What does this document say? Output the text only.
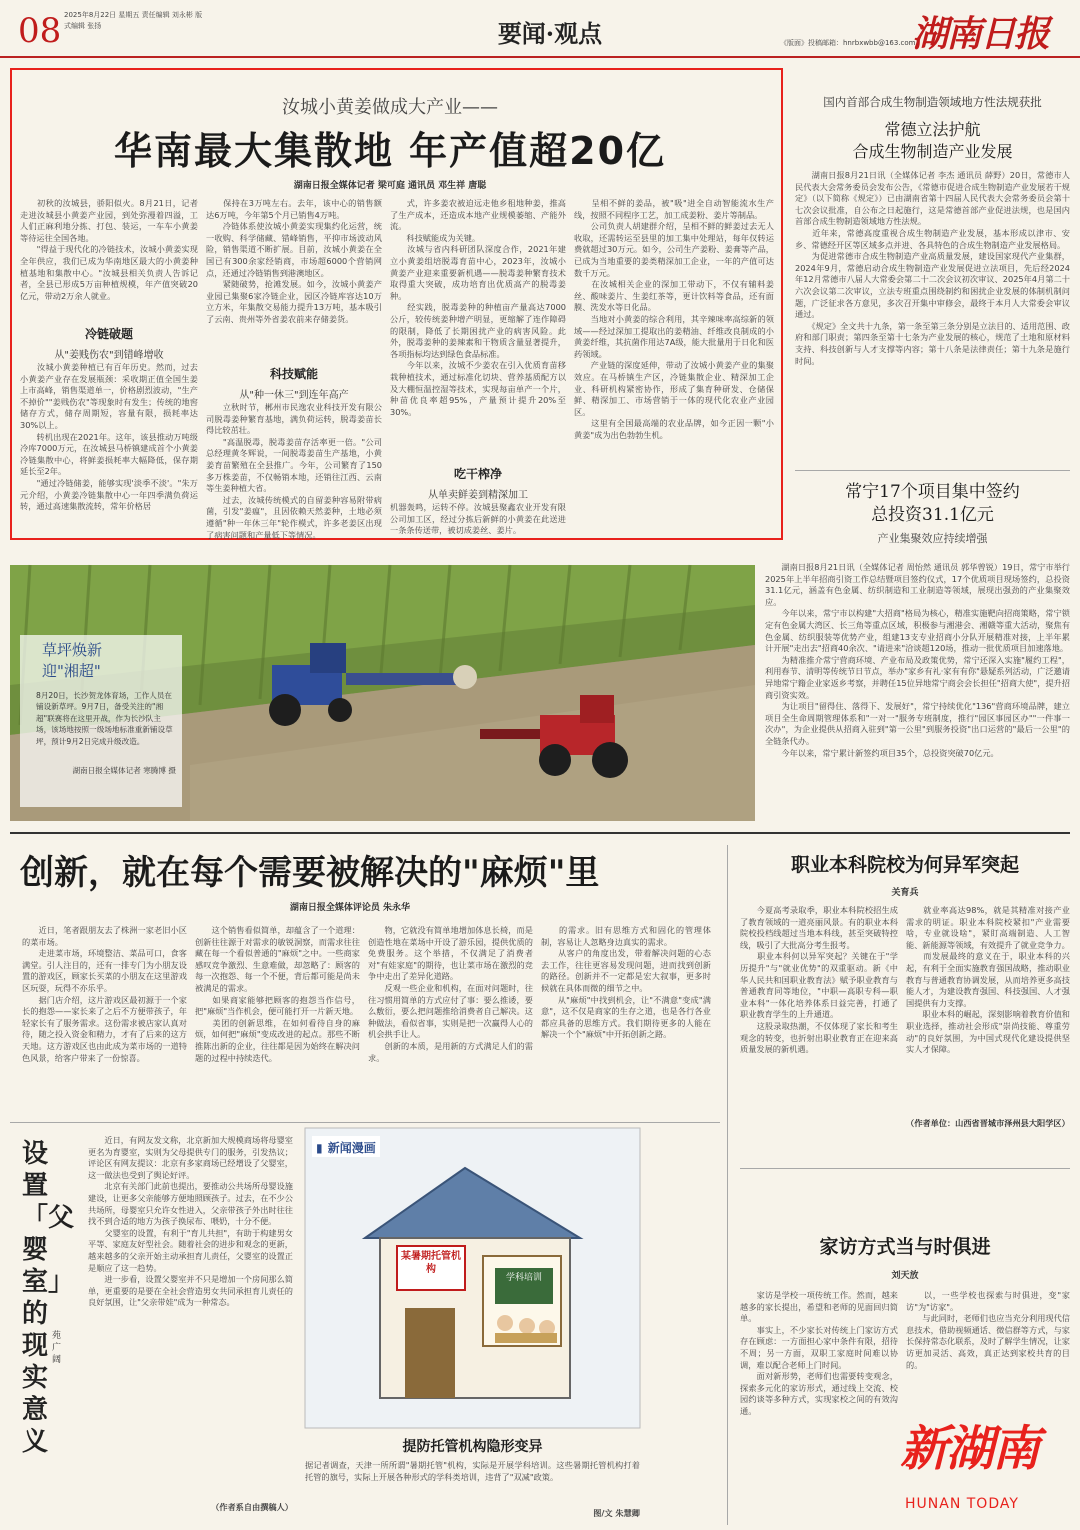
08 2025年8月22日 星期五 责任编辑 刘永彬 版式编辑 张扬	要闻·观点	《版面》投稿邮箱：hnrbxwbb@163.com
湖南日报
汝城小黄姜做成大产业——
华南最大集散地 年产值超20亿
湖南日报全媒体记者 梁可庭 通讯员 邓生祥 唐聪
　　初秋的汝城县，骄阳似火。8月21日，记者走进汝城县小黄姜产业园，到处弥漫着四溢，工人们正麻利地分拣、打包、装运，一车车小黄姜等待运往全国各地。
　　"得益于现代化的冷链技术，汝城小黄姜实现全年供应，我们已成为华南地区最大的小黄姜种植基地和集散中心。"汝城县相关负责人告诉记者，全县已形成5万亩种植规模，年产值突破20亿元，带动2万余人就业。
冷链破题
从"姜贱伤农"到错峰增收
　　汝城小黄姜种植已有百年历史。然而，过去小黄姜产业存在发展瓶颈：采收期正值全国生姜上市高峰，销售渠道单一，价格剧烈波动，"生产不掉价""姜贱伤农"等现象时有发生；传统的地窖储存方式，储存周期短，容量有限，损耗率达30%以上。
　　转机出现在2021年。这年，该县推动万吨级冷库7000万元，在汝城县马桥镇建成首个小黄姜冷链集散中心，将鲜姜损耗率大幅降低，保存期延长至2年。
　　"通过冷链储姜，能够实现'淡季不淡'。"朱万元介绍，小黄姜冷链集散中心一年四季满负荷运转，通过高速集散流转，常年价格居
　　保持在3万吨左右。去年，该中心的销售额达6万吨，今年第5个月已销售4万吨。
　　冷链体系使汝城小黄姜实现集约化运营，统一收购、科学储藏、错峰销售，平抑市场波动风险，销售渠道不断扩展。目前，汝城小黄姜在全国已有300余家经销商，市场超6000个营销网点，还通过冷链销售到港澳地区。
　　紧随破势，抢滩发展。如今，汝城小黄姜产业园已集聚6家冷链企业，园区冷链库容达10万立方米，年集散交易能力提升13万吨，基本吸引了云南、贵州等外省姜农前来存储姜货。
科技赋能
从"种一休三"到连年高产
　　立秋时节，郴州市民逸农业科技开发有限公司脱毒姜种繁育基地，满负荷运转，脱毒姜苗长得比较茁壮。
　　"高温脱毒，脱毒姜苗存活率更一倍。"公司总经理黄冬辉说，一间脱毒姜苗生产基地，小黄姜育苗繁殖在全县推广。今年，公司繁育了150多万株姜苗，不仅畅销本地，还销往江西、云南等生姜种植大省。
　　过去，汝城传统模式的自留姜种容易附带病菌，引发"姜瘟"，且因依赖天然姜种，土地必须遵循"种一年休三年"轮作模式，许多老姜区出现了病害问题和产量低下等情况。
　　式，许多姜农被迫远走他乡租地种姜，推高了生产成本，还造成本地产业规模萎缩、产能外流。
　　科技赋能成为关键。
　　汝城与省内科研团队深度合作，2021年建立小黄姜组培脱毒育苗中心，2023年，汝城小黄姜产业迎来重要新机遇——脱毒姜种繁育技术取得重大突破，成功培育出优质高产的脱毒姜种。
　　经实践，脱毒姜种的种植亩产量高达7000公斤，较传统姜种增产明显，更缩解了连作障碍的限制，降低了长期困扰产业的病害风险。此外，脱毒姜种的姜辣素和干物质含量显著提升，各项指标均达到绿色食品标准。
　　今年以来，汝城不少姜农在引入优质育苗移栽种植技术，通过标准化切块、营养基质配方以及大棚恒温控湿等技术，实现每亩单产一个片，种苗优良率超95%，产量预计提升20%至30%。
吃干榨净
从单卖鲜姜到精深加工
机器轰鸣，运转不停。汝城县聚鑫农业开发有限公司加工区，经过分拣后新鲜的小黄姜在此送进一条条传送带，被切成姜丝、姜片。
　　呈相不鲜的姜品，被"吸"进全自动智能流水生产线，按照不同程序工艺，加工成姜粉、姜片等制品。
　　公司负责人胡建群介绍，呈相不鲜的鲜姜过去无人收取，还需转运至县里的加工集中处理站，每年仅转运费就超过30万元。如今，公司生产姜粉、姜膏等产品，已成为当地重要的姜类精深加工企业，一年的产值可达数千万元。
　　在汝城相关企业的深加工带动下，不仅有辅料姜丝、酸味姜片、生姜红茶等，更计饮料等食品，还有面膜、洗发水等日化品。
　　当地对小黄姜的综合利用，其辛辣味率高综新的领域——经过深加工提取出的姜精油、纤维改良制成的小黄姜纤维，其抗菌作用达7A级，能大批量用于日化和医药领域。
　　产业链的深度延伸，带动了汝城小黄姜产业的集聚效应。在马桥镇生产区，冷链集散企业、精深加工企业、科研机构紧密协作，形成了集育种研发、仓储保鲜、精深加工、市场营销于一体的现代化农业产业园区。
　　这里有全国最高端的农业品牌，如今正因一颗"小黄姜"成为出色勃勃生机。
国内首部合成生物制造领域地方性法规获批
常德立法护航
合成生物制造产业发展
　　湖南日报8月21日讯（全媒体记者 李杰 通讯员 薛野）20日，常德市人民代表大会常务委员会发布公告，《常德市促进合成生物制造产业发展若干规定》（以下简称《规定》）已由湖南省第十四届人民代表大会常务委员会第十七次会议批准，自公布之日起施行，这是常德首部产业促进法规，也是国内首部合成生物制造领域地方性法规。
　　近年来，常德高度重视合成生物制造产业发展，基本形成以津市、安乡、常德经开区等区域多点并进、各具特色的合成生物制造产业发展格局。
　　为促进常德市合成生物制造产业高质量发展，建设国家现代产业集群，2024年9月，常德启动合成生物制造产业发展促进立法项目，先后经2024年12月常德市八届人大常委会第二十二次会议初次审议、2025年4月第二十六次会议第二次审议，立法专班重点围绕制约和困扰企业发展的体制机制问题，广泛征求各方意见，多次召开集中审修会，最终于本月人大常委会审议通过。
　　《规定》全文共十九条，第一条至第三条分别是立法目的、适用范围、政府和部门职责；第四条至第十七条为产业发展的核心，规范了土地和原材料支持、科技创新与人才支撑等内容；第十八条是法律责任；第十九条是施行时间。
常宁17个项目集中签约
总投资31.1亿元
产业集聚效应持续增强
　　湖南日报8月21日讯（全媒体记者 周怡然 通讯员 郭华曾锐）19日，常宁市举行2025年上半年招商引资工作总结暨项目签约仪式，17个优质项目现场签约，总投资31.1亿元，涵盖有色金属、纺织制造和工业制造等领域，展现出强劲的产业集聚效应。
　　今年以来，常宁市以构建"大招商"格局为核心，精准实施靶向招商策略，常宁锁定有色金属大湾区、长三角等重点区域，积极参与湘港会、湘赣等重大活动，聚焦有色金属、纺织服装等优势产业，组建13支专业招商小分队开展精准对接，上半年累计开展"走出去"招商40余次、"请进来"洽谈超120场，推动一批优质项目加速落地。
　　为精准推介常宁营商环境、产业布局及政策优势，常宁还深入实施"履约工程"，利用春节、清明等传统节日节点，举办"家乡有礼·家有有你"悬疑系列活动，广泛邀请异地常宁籍企业家返乡考察，并聘任15位异地常宁商会会长担任"招商大使"，提升招商引资实效。
　　为让项目"留得住、落得下、发展好"，常宁持续优化"136"营商环境品牌，建立项目全生命周期管理体系和"一对一"服务专班制度，推行"园区事园区办""一件事一次办"，为企业提供从招商入驻到"第一公里"到服务投资"出口运营的"最后一公里"的全链条代办。
　　今年以来，常宁累计新签约项目35个，总投资突破70亿元。
草坪焕新
迎"湘超"
8月20日，长沙贺龙体育场，工作人员在铺设新草坪。9月7日，备受关注的"湘超"联赛将在这里开战，作为长沙队主场，该场地按照一级场地标准重新铺设草坪，预计9月2日完成升级改造。
湖南日报全媒体记者 寒腾博 摄
创新，就在每个需要被解决的"麻烦"里
湖南日报全媒体评论员 朱永华
　　近日，笔者跟朋友去了株洲一家老旧小区的菜市场。
　　走进菜市场，环境整洁、菜品可口，食客满堂。引人注目的，还有一排专门为小朋友设置的游戏区，顾家长买菜的小朋友在这里游戏区玩耍，玩得不亦乐乎。
　　据门店介绍，这片游戏区最初源于一个家长的抱怨——家长来了之后不方便带孩子，年轻家长有了服务需求。这份需求被店家认真对待，随之投入资金和精力，才有了后来的这方天地。这方游戏区也由此成为菜市场的一道特色风景，给客户带来了一份惊喜。
　　这个销售看似简单，却蕴含了一个道理：创新往往源于对需求的敏锐洞察，而需求往往藏在每一个看似普通的"麻烦"之中。一些商家感叹竞争激烈、生意难做，却忽略了：顾客的每一次抱怨、每一个不便，背后都可能是尚未被满足的需求。
　　如果商家能够把顾客的抱怨当作信号，把"麻烦"当作机会，便可能打开一片新天地。
　　美团的创新思维，在如何看待自身的麻烦，如何把"麻烦"变成改进的起点。那些不断推陈出新的企业，往往都是因为始终在解决问题的过程中持续迭代。
　　物，它就没有简单地增加体息长椅，而是创造性地在菜场中开设了游乐园，提供优质的免费服务。这个举措，不仅满足了消费者对"有娃家庭"的期待，也让菜市场在激烈的竞争中走出了差异化道路。
　　反观一些企业和机构，在面对问题时，往往习惯用简单的方式应付了事：要么推诿，要么敷衍，要么把问题推给消费者自己解决。这种做法，看似省事，实则是把一次赢得人心的机会拱手让人。
　　创新的本质，是用新的方式满足人们的需求。
　　的需求。旧有思维方式和固化的管理体制，容易让人忽略身边真实的需求。
　　从客户的角度出发，带着解决问题的心态去工作，往往更容易发现问题，进而找到创新的路径。创新并不一定都是宏大叙事，更多时候就在具体而微的细节之中。
　　从"麻烦"中找到机会，让"不满意"变成"满意"，这不仅是商家的生存之道，也是各行各业都应具备的思维方式。我们期待更多的人能在解决一个个"麻烦"中开拓创新之路。
职业本科院校为何异军突起
关育兵
　　今夏高考录取季，职业本科院校招生成了教育领域的一道亮丽风景。有的职业本科院校投档线超过当地本科线，甚至突破特控线，吸引了大批高分考生报考。
　　职业本科何以异军突起？关键在于"学历提升"与"就业优势"的双重驱动。新《中华人民共和国职业教育法》赋予职业教育与普通教育同等地位，"中职—高职专科—职业本科"一体化培养体系日益完善，打通了职业教育学生的上升通道。
　　这股录取热潮，不仅体现了家长和考生观念的转变，也折射出职业教育正在迎来高质量发展的新机遇。
　　就业率高达98%，就是其精准对接产业需求的明证。职业本科院校紧扣"产业需要啥，专业就设啥"，紧盯高端制造、人工智能、新能源等领域，有效提升了就业竞争力。
　　而发展最终的意义在于，职业本科的兴起，有利于全面实施教育强国战略，推动职业教育与普通教育协调发展，从而培养更多高技能人才，为建设教育强国、科技强国、人才强国提供有力支撑。
　　职业本科的崛起，深刻影响着教育价值和职业选择，推动社会形成"崇尚技能、尊重劳动"的良好氛围，为中国式现代化建设提供坚实人才保障。
（作者单位：山西省晋城市泽州县大阳学区）
家访方式当与时俱进
刘天放
　　家访是学校一项传统工作。然而，越来越多的家长提出，希望和老师的见面回归简单。
　　事实上，不少家长对传统上门家访方式存在顾虑：一方面担心家中条件有限，招待不周；另一方面，双职工家庭时间难以协调，难以配合老师上门时间。
　　面对新形势，老师们也需要转变观念，探索多元化的家访形式，通过线上交流、校园约谈等多种方式，实现家校之间的有效沟通。
　　以，一些学校也探索与时俱进，变"家访"为"访家"。
　　与此同时，老师们也应当充分利用现代信息技术，借助视频通话、微信群等方式，与家长保持常态化联系，及时了解学生情况，让家访更加灵活、高效，真正达到家校共育的目的。
设置「父婴室」的现实意义
苑广阔
　　近日，有网友发文称，北京新加大规模商场将母婴室更名为育婴室，实则为父母提供专门的服务，引发热议；评论区有网友提议：北京有多家商场已经增设了父婴室，这一做法也受到了舆论好评。
　　北京有关部门此前也提出，要推动公共场所母婴设施建设，让更多父亲能够方便地照顾孩子。过去，在不少公共场所，母婴室只允许女性进入，父亲带孩子外出时往往找不到合适的地方为孩子换尿布、喂奶，十分不便。
　　父婴室的设置，有利于"育儿共担"，有助于构建男女平等、家庭友好型社会。随着社会的进步和观念的更新，越来越多的父亲开始主动承担育儿责任，父婴室的设置正是顺应了这一趋势。
　　进一步看，设置父婴室并不只是增加一个房间那么简单，更重要的是要在全社会营造男女共同承担育儿责任的良好氛围，让"父亲带娃"成为一种常态。
（作者系自由撰稿人）
▮ 新闻漫画
某暑期托管机构
学科培训
提防托管机构隐形变异
据记者调查，天津一所所谓"暑期托管"机构，实际是开展学科培训。这些暑期托管机构打着托管的旗号，实际上开展各种形式的学科类培训，违背了"双减"政策。
图/文 朱慧卿
新湖南
HUNAN TODAY
